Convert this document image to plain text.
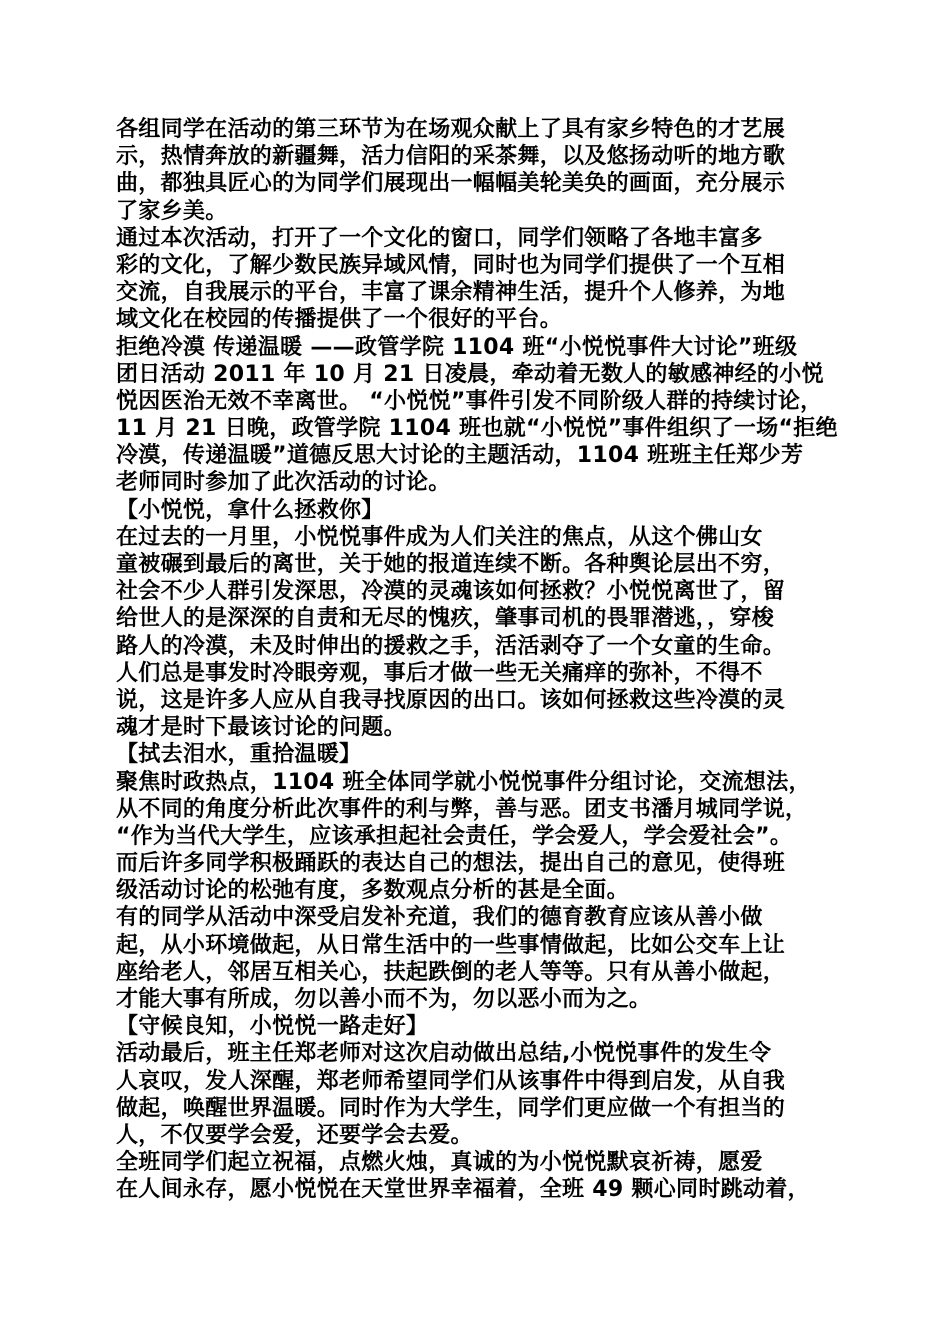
各组同学在活动的第三环节为在场观众献上了具有家乡特色的才艺展
示，热情奔放的新疆舞，活力信阳的采茶舞，以及悠扬动听的地方歌
曲，都独具匠心的为同学们展现出一幅幅美轮美奂的画面，充分展示
了家乡美。
通过本次活动，打开了一个文化的窗口，同学们领略了各地丰富多
彩的文化，了解少数民族异域风情，同时也为同学们提供了一个互相
交流，自我展示的平台，丰富了课余精神生活，提升个人修养，为地
域文化在校园的传播提供了一个很好的平台。
拒绝冷漠 传递温暖 ——政管学院 1104 班“小悦悦事件大讨论”班级
团日活动 2011 年 10 月 21 日凌晨，牵动着无数人的敏感神经的小悦
悦因医治无效不幸离世。 “小悦悦”事件引发不同阶级人群的持续讨论，
11 月 21 日晚，政管学院 1104 班也就“小悦悦”事件组织了一场“拒绝
冷漠，传递温暖”道德反思大讨论的主题活动，1104 班班主任郑少芳
老师同时参加了此次活动的讨论。
【小悦悦，拿什么拯救你】
在过去的一月里，小悦悦事件成为人们关注的焦点，从这个佛山女
童被碾到最后的离世，关于她的报道连续不断。各种舆论层出不穷，
社会不少人群引发深思，冷漠的灵魂该如何拯救？小悦悦离世了，留
给世人的是深深的自责和无尽的愧疚，肇事司机的畏罪潜逃，，穿梭
路人的冷漠，未及时伸出的援救之手，活活剥夺了一个女童的生命。
人们总是事发时冷眼旁观，事后才做一些无关痛痒的弥补，不得不
说，这是许多人应从自我寻找原因的出口。该如何拯救这些冷漠的灵
魂才是时下最该讨论的问题。
【拭去泪水，重拾温暖】
聚焦时政热点，1104 班全体同学就小悦悦事件分组讨论，交流想法，
从不同的角度分析此次事件的利与弊，善与恶。团支书潘月城同学说，
“作为当代大学生，应该承担起社会责任，学会爱人，学会爱社会”。
而后许多同学积极踊跃的表达自己的想法，提出自己的意见，使得班
级活动讨论的松弛有度，多数观点分析的甚是全面。
有的同学从活动中深受启发补充道，我们的德育教育应该从善小做
起，从小环境做起，从日常生活中的一些事情做起，比如公交车上让
座给老人，邻居互相关心，扶起跌倒的老人等等。只有从善小做起，
才能大事有所成，勿以善小而不为，勿以恶小而为之。
【守候良知，小悦悦一路走好】
活动最后，班主任郑老师对这次启动做出总结,小悦悦事件的发生令
人哀叹，发人深醒，郑老师希望同学们从该事件中得到启发，从自我
做起，唤醒世界温暖。同时作为大学生，同学们更应做一个有担当的
人，不仅要学会爱，还要学会去爱。
全班同学们起立祝福，点燃火烛，真诚的为小悦悦默哀祈祷，愿爱
在人间永存，愿小悦悦在天堂世界幸福着，全班 49 颗心同时跳动着，
